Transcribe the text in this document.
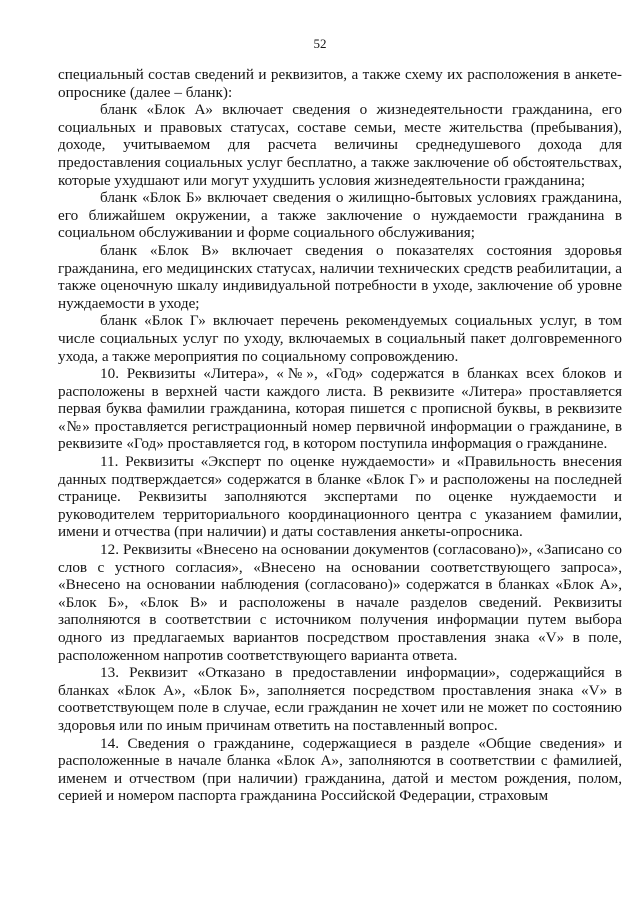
52

специальный состав сведений и реквизитов, а также схему их расположения в анкете-опроснике (далее – бланк):

бланк «Блок А» включает сведения о жизнедеятельности гражданина, его социальных и правовых статусах, составе семьи, месте жительства (пребывания), доходе, учитываемом для расчета величины среднедушевого дохода для предоставления социальных услуг бесплатно, а также заключение об обстоятельствах, которые ухудшают или могут ухудшить условия жизнедеятельности гражданина;

бланк «Блок Б» включает сведения о жилищно-бытовых условиях гражданина, его ближайшем окружении, а также заключение о нуждаемости гражданина в социальном обслуживании и форме социального обслуживания;

бланк «Блок В» включает сведения о показателях состояния здоровья гражданина, его медицинских статусах, наличии технических средств реабилитации, а также оценочную шкалу индивидуальной потребности в уходе, заключение об уровне нуждаемости в уходе;

бланк «Блок Г» включает перечень рекомендуемых социальных услуг, в том числе социальных услуг по уходу, включаемых в социальный пакет долговременного ухода, а также мероприятия по социальному сопровождению.

10. Реквизиты «Литера», «№», «Год» содержатся в бланках всех блоков и расположены в верхней части каждого листа. В реквизите «Литера» проставляется первая буква фамилии гражданина, которая пишется с прописной буквы, в реквизите «№» проставляется регистрационный номер первичной информации о гражданине, в реквизите «Год» проставляется год, в котором поступила информация о гражданине.

11. Реквизиты «Эксперт по оценке нуждаемости» и «Правильность внесения данных подтверждается» содержатся в бланке «Блок Г» и расположены на последней странице. Реквизиты заполняются экспертами по оценке нуждаемости и руководителем территориального координационного центра с указанием фамилии, имени и отчества (при наличии) и даты составления анкеты-опросника.

12. Реквизиты «Внесено на основании документов (согласовано)», «Записано со слов с устного согласия», «Внесено на основании соответствующего запроса», «Внесено на основании наблюдения (согласовано)» содержатся в бланках «Блок А», «Блок Б», «Блок В» и расположены в начале разделов сведений. Реквизиты заполняются в соответствии с источником получения информации путем выбора одного из предлагаемых вариантов посредством проставления знака «V» в поле, расположенном напротив соответствующего варианта ответа.

13. Реквизит «Отказано в предоставлении информации», содержащийся в бланках «Блок А», «Блок Б», заполняется посредством проставления знака «V» в соответствующем поле в случае, если гражданин не хочет или не может по состоянию здоровья или по иным причинам ответить на поставленный вопрос.

14. Сведения о гражданине, содержащиеся в разделе «Общие сведения» и расположенные в начале бланка «Блок А», заполняются в соответствии с фамилией, именем и отчеством (при наличии) гражданина, датой и местом рождения, полом, серией и номером паспорта гражданина Российской Федерации, страховым
